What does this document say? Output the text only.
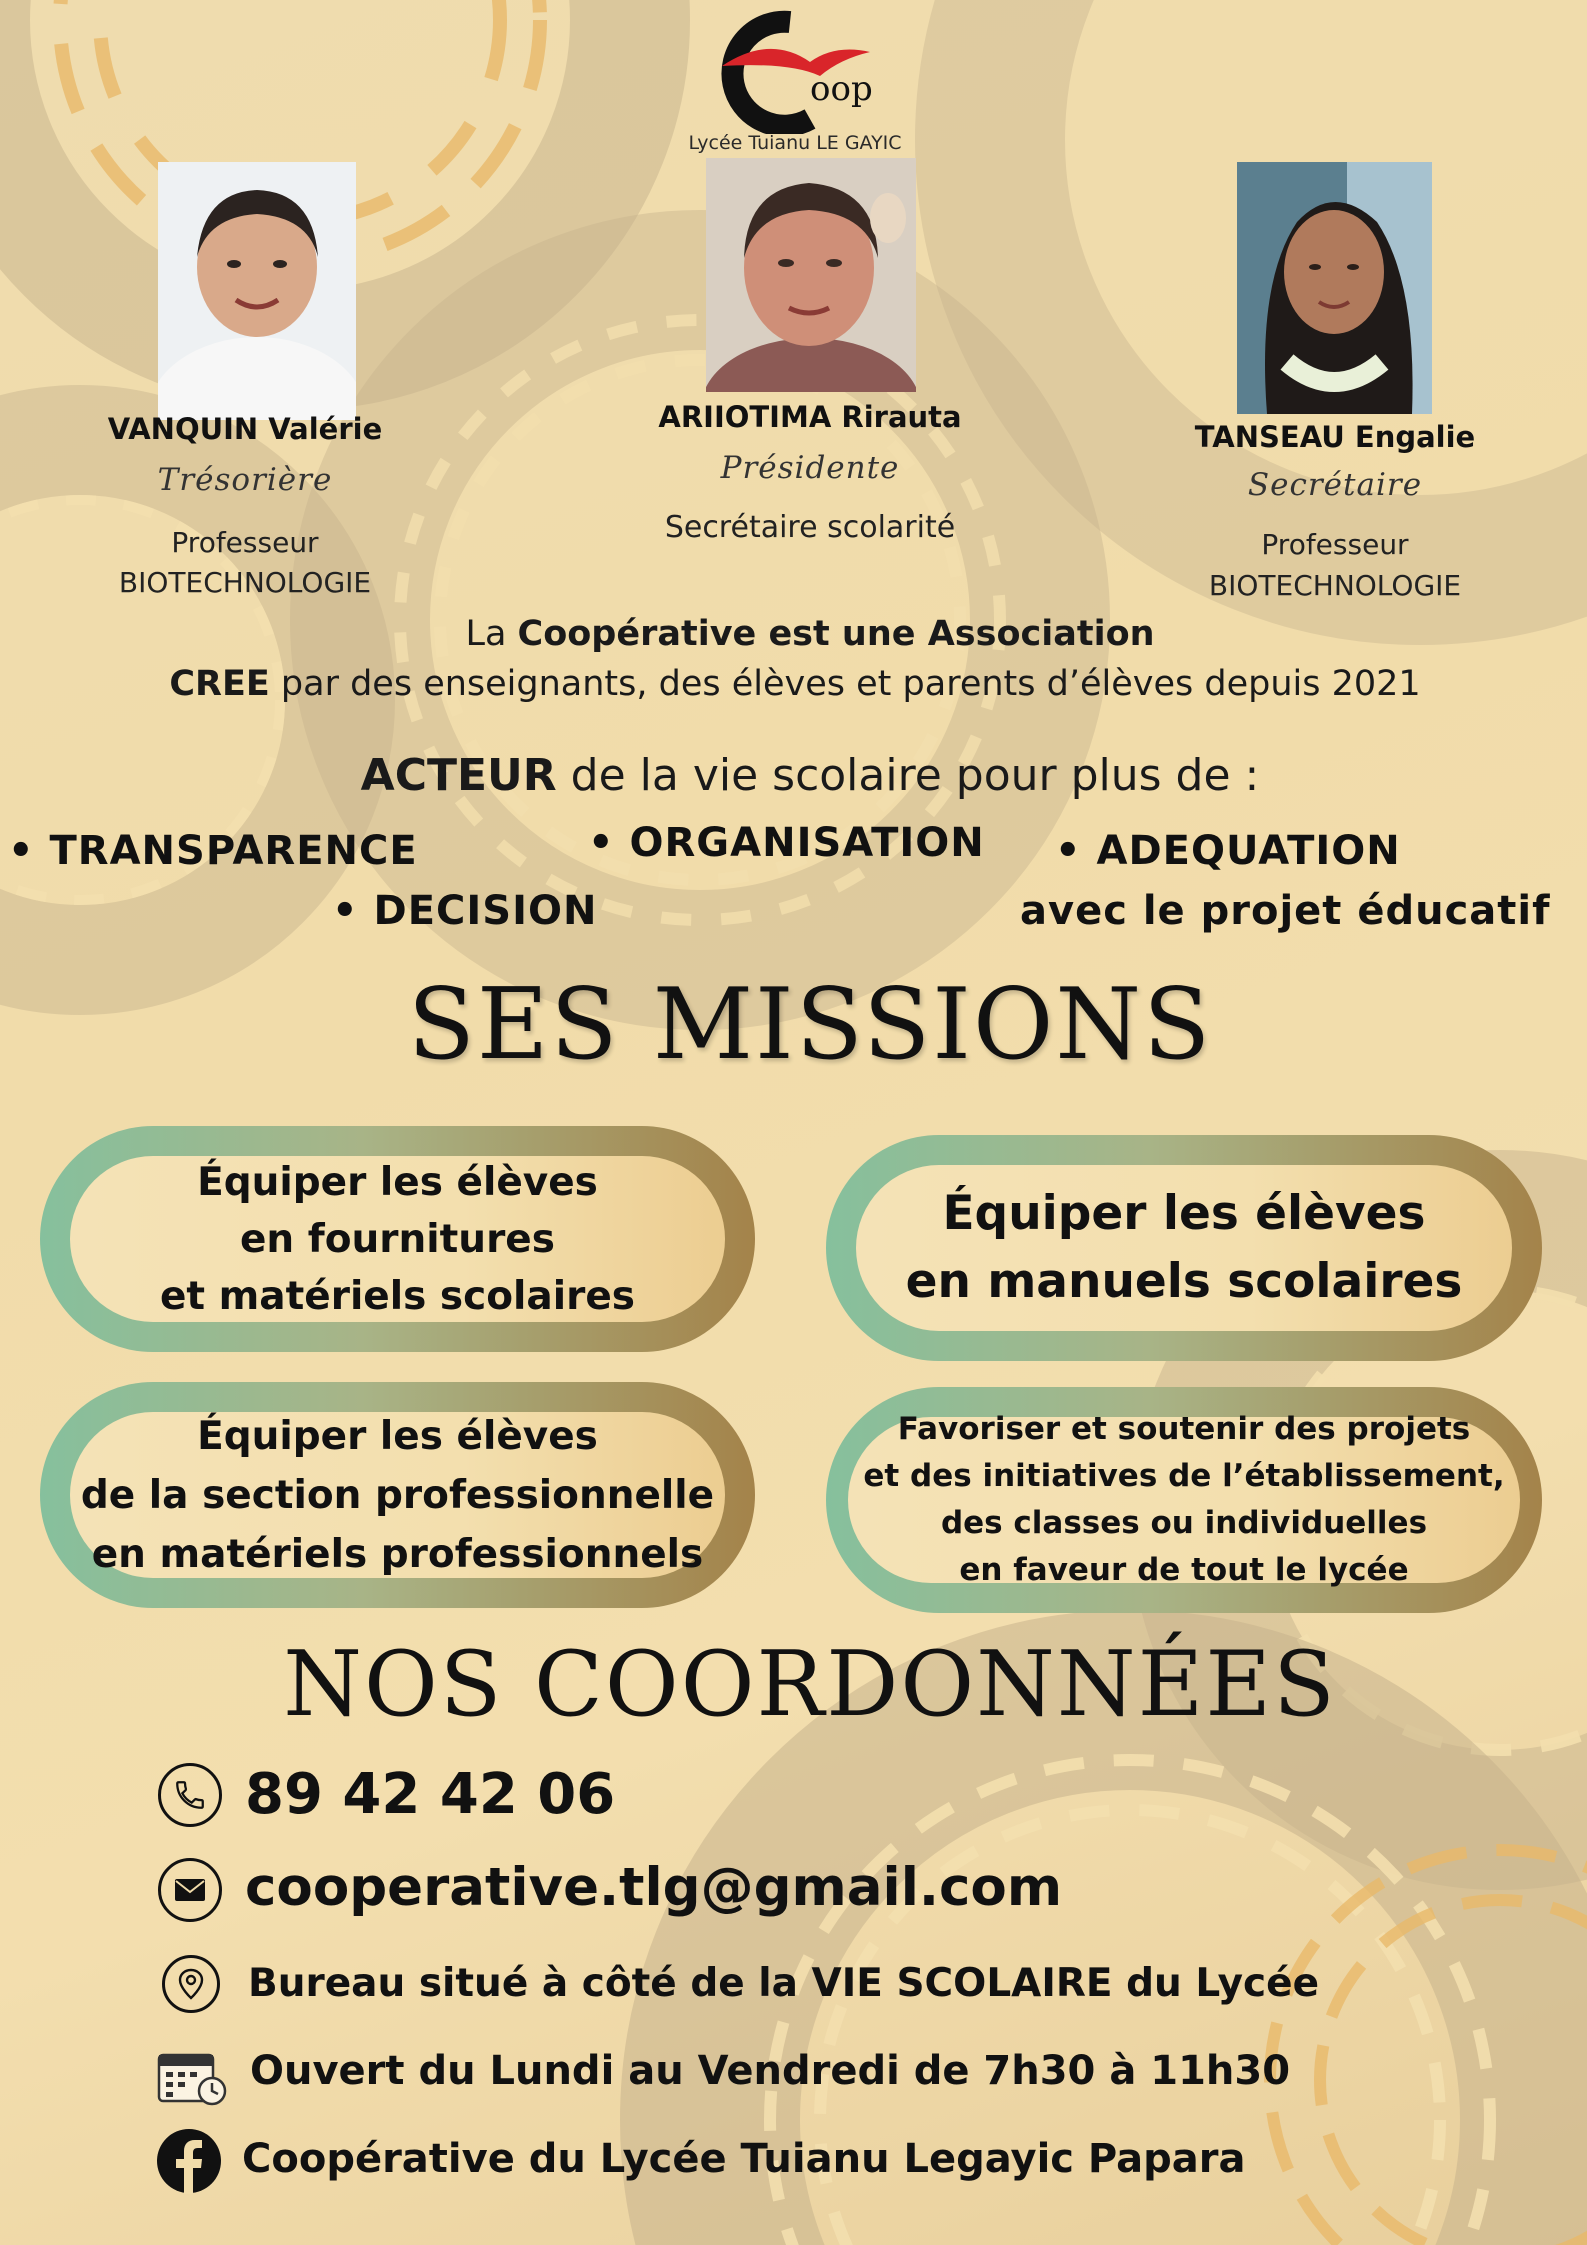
oop
Lycée Tuianu LE GAYIC
VANQUIN Valérie
Trésorière
Professeur
BIOTECHNOLOGIE
ARIIOTIMA Rirauta
Présidente
Secrétaire scolarité
TANSEAU Engalie
Secrétaire
Professeur
BIOTECHNOLOGIE
La Coopérative est une Association
CREE par des enseignants, des élèves et parents d’élèves depuis 2021
ACTEUR de la vie scolaire pour plus de :
• TRANSPARENCE	• ORGANISATION • ADEQUATION
avec le projet éducatif
• DECISION
SES MISSIONS
Équiper les élèves
en fournitures
et matériels scolaires
Équiper les élèves
en manuels scolaires
Équiper les élèves
de la section professionnelle
en matériels professionnels
Favoriser et soutenir des projets
et des initiatives de l’établissement,
des classes ou individuelles
en faveur de tout le lycée
NOS COORDONNÉES
89 42 42 06
cooperative.tlg@gmail.com
Bureau situé à côté de la VIE SCOLAIRE du Lycée
Ouvert du Lundi au Vendredi de 7h30 à 11h30
Coopérative du Lycée Tuianu Legayic Papara
